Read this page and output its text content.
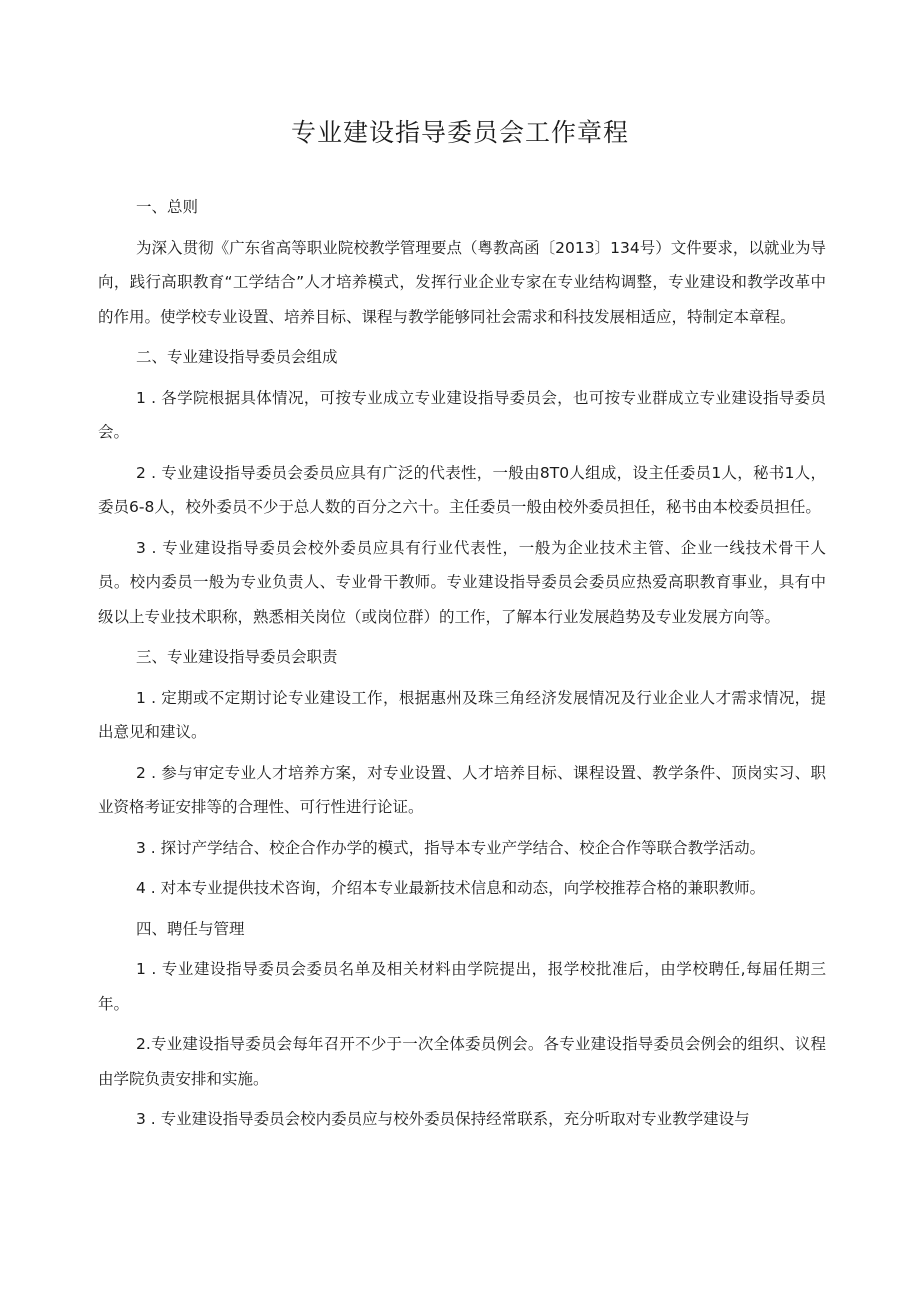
专业建设指导委员会工作章程

一、总则

为深入贯彻《广东省高等职业院校教学管理要点（粤教高函〔2013〕134号）文件要求，以就业为导向，践行高职教育“工学结合”人才培养模式，发挥行业企业专家在专业结构调整，专业建设和教学改革中的作用。使学校专业设置、培养目标、课程与教学能够同社会需求和科技发展相适应，特制定本章程。

二、专业建设指导委员会组成

1 . 各学院根据具体情况，可按专业成立专业建设指导委员会，也可按专业群成立专业建设指导委员会。

2 . 专业建设指导委员会委员应具有广泛的代表性，一般由8T0人组成，设主任委员1人，秘书1人，委员6-8人，校外委员不少于总人数的百分之六十。主任委员一般由校外委员担任，秘书由本校委员担任。

3 . 专业建设指导委员会校外委员应具有行业代表性，一般为企业技术主管、企业一线技术骨干人员。校内委员一般为专业负责人、专业骨干教师。专业建设指导委员会委员应热爱高职教育事业，具有中级以上专业技术职称，熟悉相关岗位（或岗位群）的工作，了解本行业发展趋势及专业发展方向等。

三、专业建设指导委员会职责

1 . 定期或不定期讨论专业建设工作，根据惠州及珠三角经济发展情况及行业企业人才需求情况，提出意见和建议。

2 . 参与审定专业人才培养方案，对专业设置、人才培养目标、课程设置、教学条件、顶岗实习、职业资格考证安排等的合理性、可行性进行论证。

3 . 探讨产学结合、校企合作办学的模式，指导本专业产学结合、校企合作等联合教学活动。

4 . 对本专业提供技术咨询，介绍本专业最新技术信息和动态，向学校推荐合格的兼职教师。

四、聘任与管理

1 . 专业建设指导委员会委员名单及相关材料由学院提出，报学校批准后，由学校聘任,每届任期三年。

2.专业建设指导委员会每年召开不少于一次全体委员例会。各专业建设指导委员会例会的组织、议程由学院负责安排和实施。

3 . 专业建设指导委员会校内委员应与校外委员保持经常联系，充分听取对专业教学建设与
